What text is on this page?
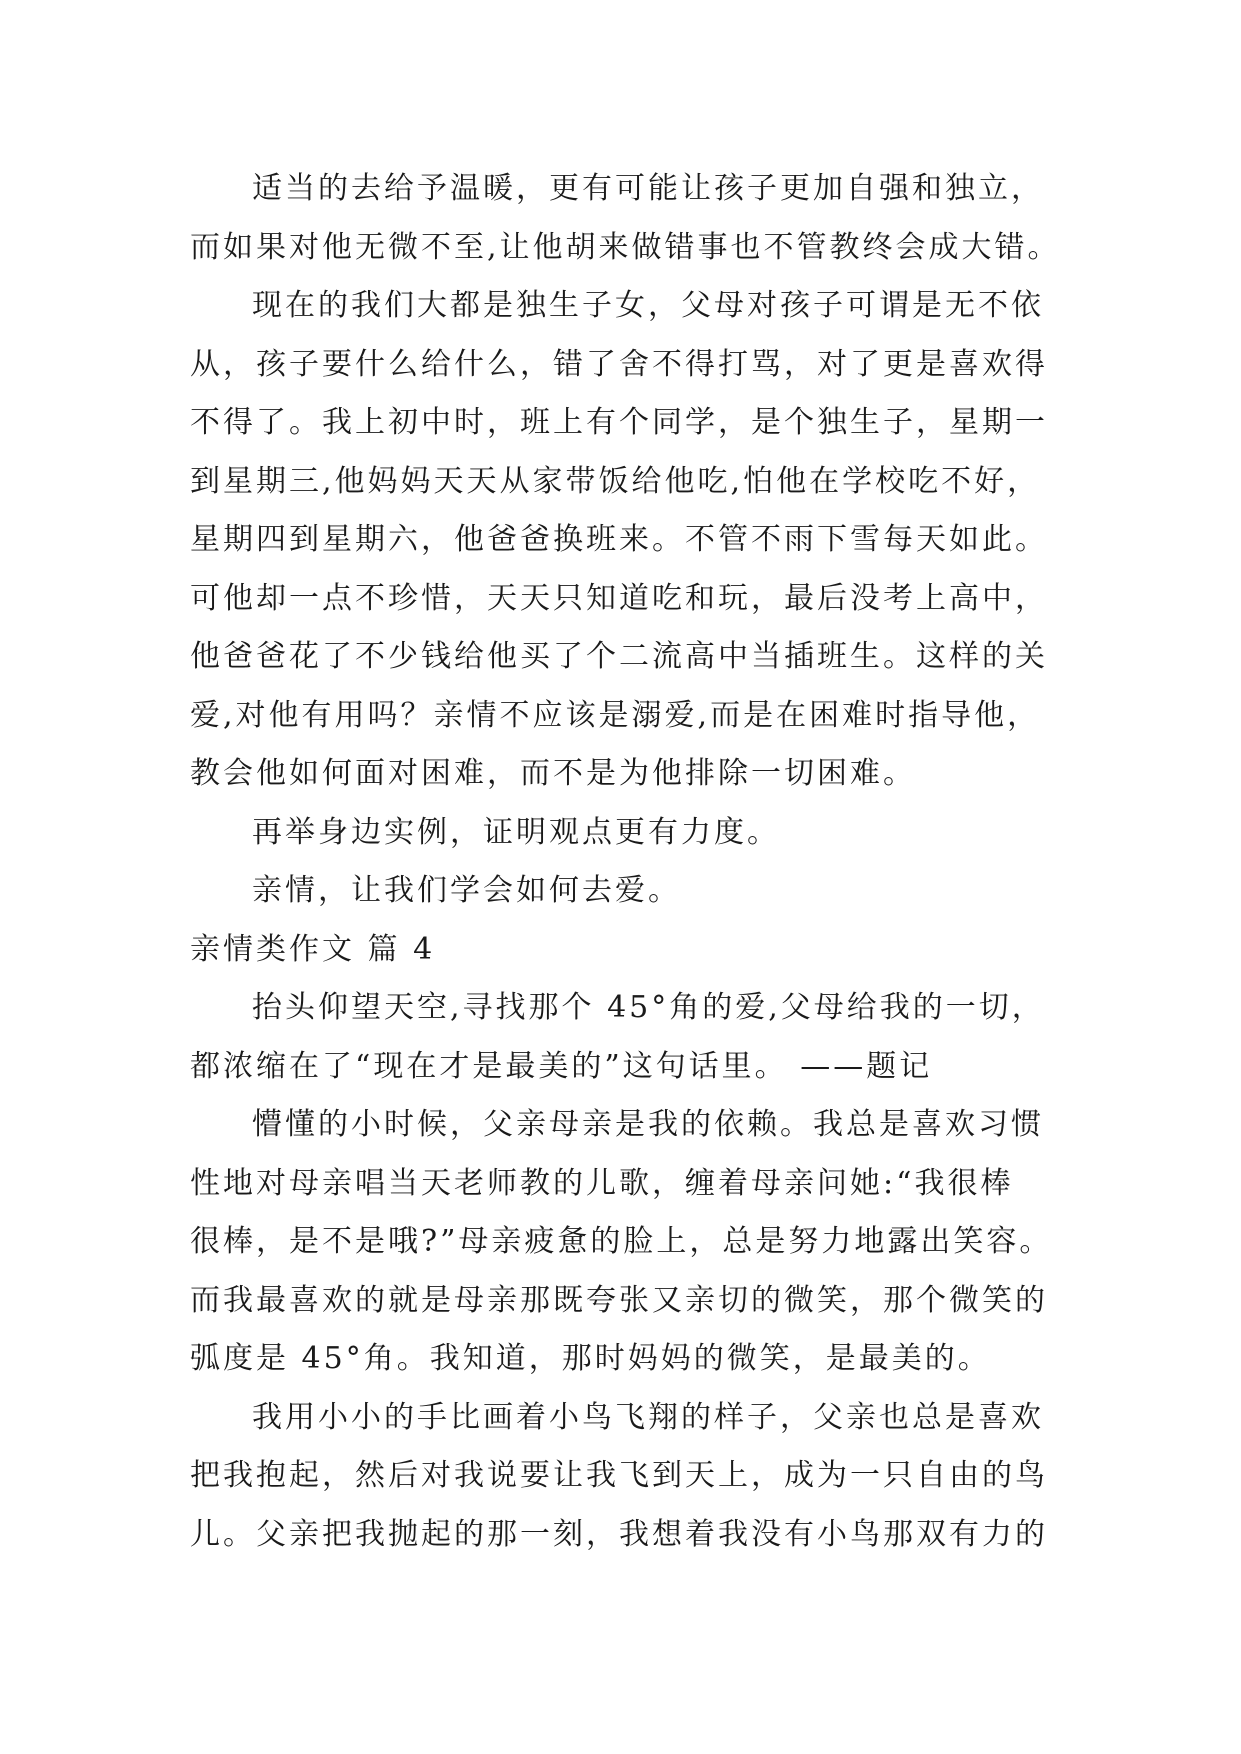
适当的去给予温暖，更有可能让孩子更加自强和独立，
而如果对他无微不至,让他胡来做错事也不管教终会成大错。

现在的我们大都是独生子女，父母对孩子可谓是无不依
从，孩子要什么给什么，错了舍不得打骂，对了更是喜欢得
不得了。我上初中时，班上有个同学，是个独生子，星期一
到星期三,他妈妈天天从家带饭给他吃,怕他在学校吃不好，
星期四到星期六，他爸爸换班来。不管不雨下雪每天如此。
可他却一点不珍惜，天天只知道吃和玩，最后没考上高中，
他爸爸花了不少钱给他买了个二流高中当插班生。这样的关
爱,对他有用吗？亲情不应该是溺爱,而是在困难时指导他，
教会他如何面对困难，而不是为他排除一切困难。

再举身边实例，证明观点更有力度。

亲情，让我们学会如何去爱。

亲情类作文 篇 4

抬头仰望天空,寻找那个 45°角的爱,父母给我的一切，
都浓缩在了“现在才是最美的”这句话里。 ——题记

懵懂的小时候，父亲母亲是我的依赖。我总是喜欢习惯
性地对母亲唱当天老师教的儿歌，缠着母亲问她:“我很棒
很棒，是不是哦?”母亲疲惫的脸上，总是努力地露出笑容。
而我最喜欢的就是母亲那既夸张又亲切的微笑，那个微笑的
弧度是 45°角。我知道，那时妈妈的微笑，是最美的。

我用小小的手比画着小鸟飞翔的样子，父亲也总是喜欢
把我抱起，然后对我说要让我飞到天上，成为一只自由的鸟
儿。父亲把我抛起的那一刻，我想着我没有小鸟那双有力的
